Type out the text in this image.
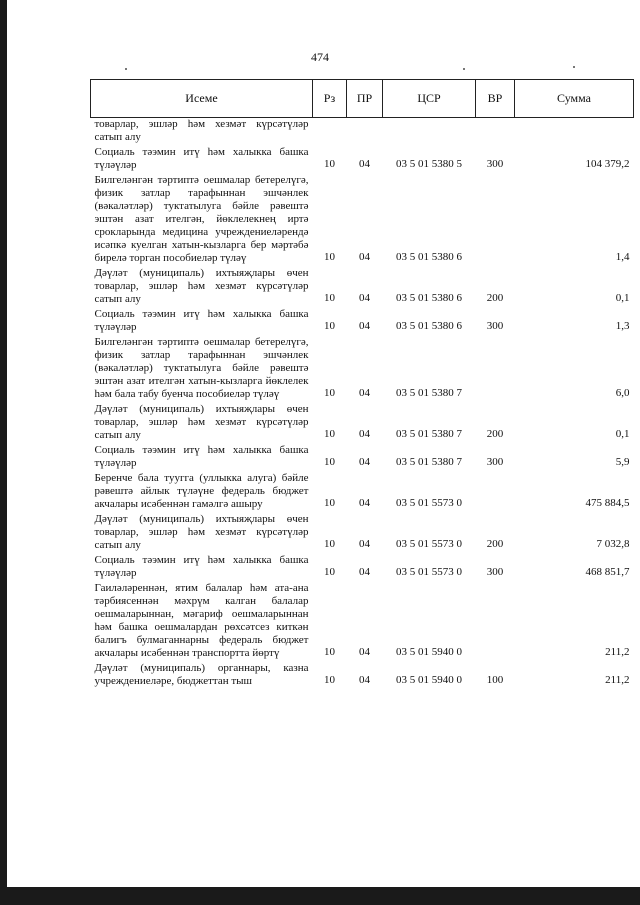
474
Исеме	Рз	ПР	ЦСР	ВР	Сумма
товарлар, эшләр һәм хезмәт күрсәтүләр сатып алу					
Социаль тәэмин итү һәм халыкка башка түләүләр	10	04	03 5 01 5380 5	300	104 379,2
Билгеләнгән тәртиптә оешмалар бетерелүгә, физик затлар тарафыннан эшчәнлек (вәкаләтләр) туктатылуга бәйле рәвештә эштән азат ителгән, йөклелекнең иртә срокларында медицина учреждениеләрендә исәпкә куелган хатын-кызларга бер мәртәбә бирелә торган пособиеләр түләү	10	04	03 5 01 5380 6		1,4
Дәүләт (муниципаль) ихтыяҗлары өчен товарлар, эшләр һәм хезмәт күрсәтүләр сатып алу	10	04	03 5 01 5380 6	200	0,1
Социаль тәэмин итү һәм халыкка башка түләүләр	10	04	03 5 01 5380 6	300	1,3
Билгеләнгән тәртиптә оешмалар бетерелүгә, физик затлар тарафыннан эшчәнлек (вәкаләтләр) туктатылуга бәйле рәвештә эштән азат ителгән хатын-кызларга йөклелек һәм бала табу буенча пособиеләр түләү	10	04	03 5 01 5380 7		6,0
Дәүләт (муниципаль) ихтыяҗлары өчен товарлар, эшләр һәм хезмәт күрсәтүләр сатып алу	10	04	03 5 01 5380 7	200	0,1
Социаль тәэмин итү һәм халыкка башка түләүләр	10	04	03 5 01 5380 7	300	5,9
Беренче бала туугга (уллыкка алуга) бәйле рәвештә айлык түләүне федераль бюджет акчалары исәбеннән гамәлгә ашыру	10	04	03 5 01 5573 0		475 884,5
Дәүләт (муниципаль) ихтыяҗлары өчен товарлар, эшләр һәм хезмәт күрсәтүләр сатып алу	10	04	03 5 01 5573 0	200	7 032,8
Социаль тәэмин итү һәм халыкка башка түләүләр	10	04	03 5 01 5573 0	300	468 851,7
Гаиләләреннән, ятим балалар һәм ата-ана тәрбиясеннән мәхрүм калган балалар оешмаларыннан, мәгариф оешмаларыннан һәм башка оешмалардан рөхсәтсез киткән балигъ булмаганнарны федераль бюджет акчалары исәбеннән транспортта йөртү	10	04	03 5 01 5940 0		211,2
Дәүләт (муниципаль) органнары, казна учреждениеләре, бюджеттан тыш	10	04	03 5 01 5940 0	100	211,2
